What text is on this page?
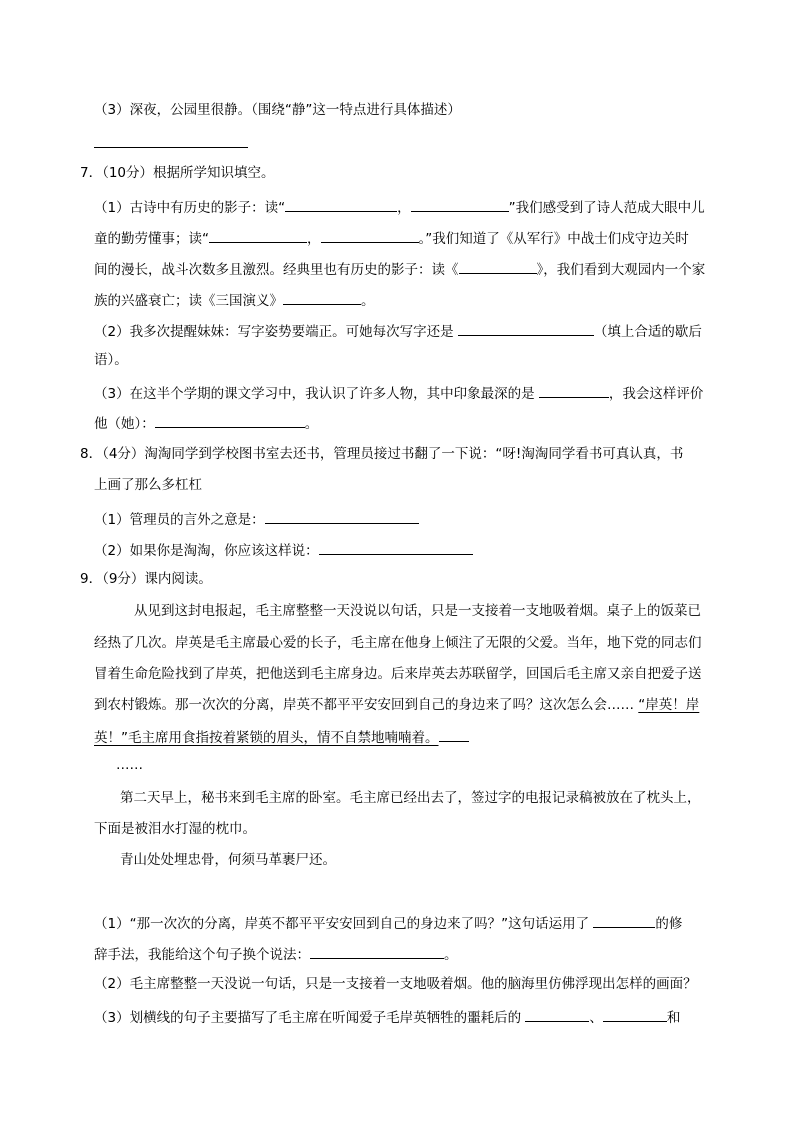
（3）深夜，公园里很静。（围绕“静”这一特点进行具体描述）
7．（10分）根据所学知识填空。
（1）古诗中有历史的影子：读“	，	”我们感受到了诗人范成大眼中儿
童的勤劳懂事；读“	，	。”我们知道了《从军行》中战士们戍守边关时
间的漫长，战斗次数多且激烈。经典里也有历史的影子：读《	》，我们看到大观园内一个家
族的兴盛衰亡；读《三国演义》	。
（2）我多次提醒妹妹：写字姿势要端正。可她每次写字还是	（填上合适的歇后
语）。
（3）在这半个学期的课文学习中，我认识了许多人物，其中印象最深的是	，我会这样评价
他（她）：	。
8．（4分）淘淘同学到学校图书室去还书，管理员接过书翻了一下说：“呀!淘淘同学看书可真认真，书
上画了那么多杠杠
（1）管理员的言外之意是：
（2）如果你是淘淘，你应该这样说：
9．（9分）课内阅读。
从见到这封电报起，毛主席整整一天没说以句话，只是一支接着一支地吸着烟。桌子上的饭菜已
经热了几次。岸英是毛主席最心爱的长子，毛主席在他身上倾注了无限的父爱。当年，地下党的同志们
冒着生命危险找到了岸英，把他送到毛主席身边。后来岸英去苏联留学，回国后毛主席又亲自把爱子送
到农村锻炼。那一次次的分离，岸英不都平平安安回到自己的身边来了吗？这次怎么会…… “岸英！岸
英！”毛主席用食指按着紧锁的眉头，情不自禁地喃喃着。
……
第二天早上，秘书来到毛主席的卧室。毛主席已经出去了，签过字的电报记录稿被放在了枕头上，
下面是被泪水打湿的枕巾。
青山处处埋忠骨，何须马革裹尸还。
（1）“那一次次的分离，岸英不都平平安安回到自己的身边来了吗？”这句话运用了	的修
辞手法，我能给这个句子换个说法：	。
（2）毛主席整整一天没说一句话，只是一支接着一支地吸着烟。他的脑海里仿佛浮现出怎样的画面？
（3）划横线的句子主要描写了毛主席在听闻爱子毛岸英牺牲的噩耗后的	、	和
